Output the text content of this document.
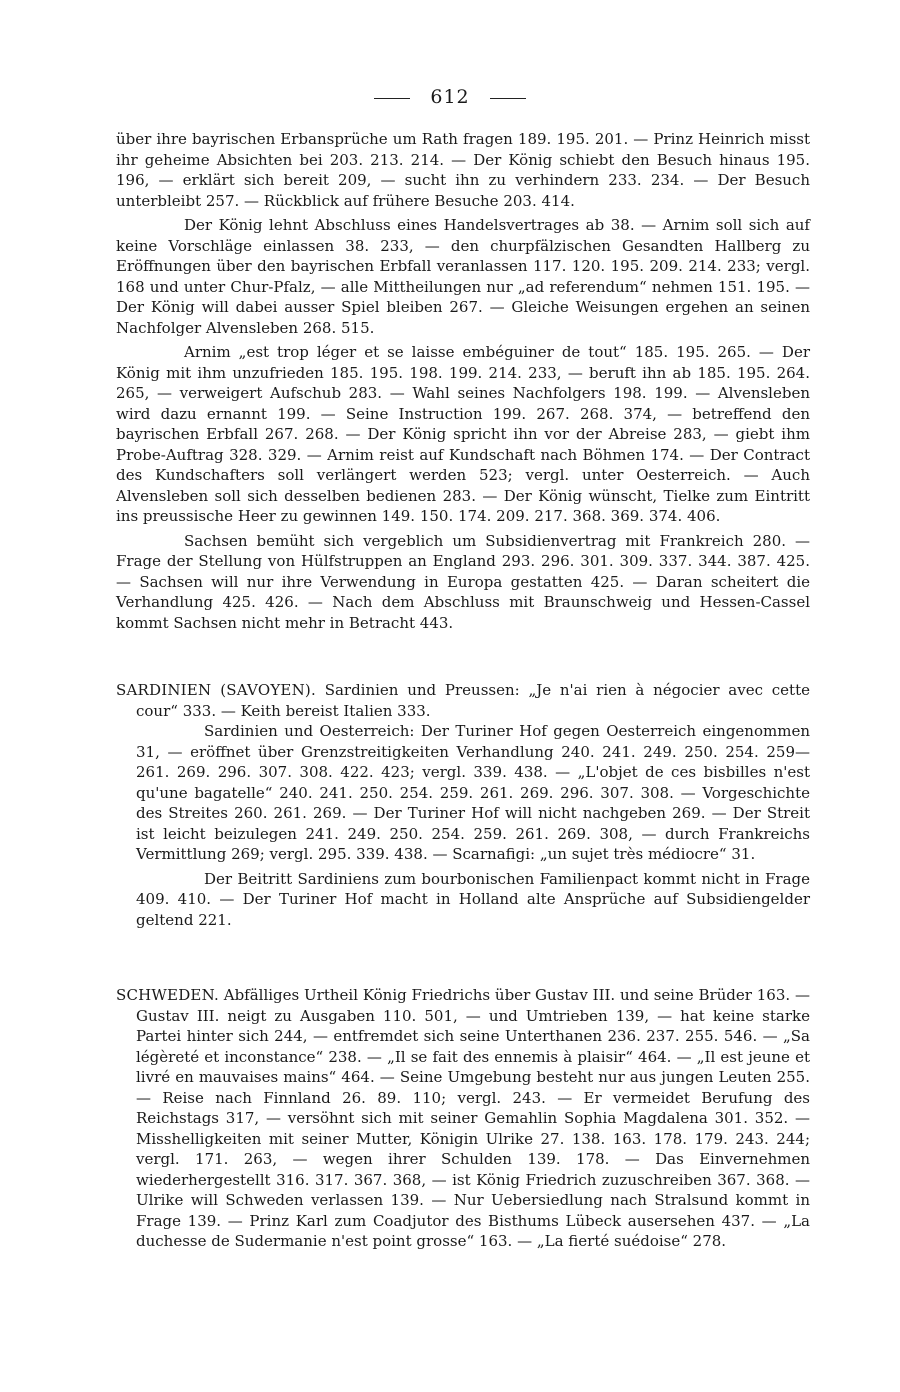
612

über ihre bayrischen Erbansprüche um Rath fragen 189. 195. 201. — Prinz Heinrich misst ihr geheime Absichten bei 203. 213. 214. — Der König schiebt den Besuch hinaus 195. 196, — erklärt sich bereit 209, — sucht ihn zu verhindern 233. 234. — Der Besuch unterbleibt 257. — Rückblick auf frühere Besuche 203. 414.

Der König lehnt Abschluss eines Handelsvertrages ab 38. — Arnim soll sich auf keine Vorschläge einlassen 38. 233, — den churpfälzischen Gesandten Hallberg zu Eröffnungen über den bayrischen Erbfall veranlassen 117. 120. 195. 209. 214. 233; vergl. 168 und unter Chur-Pfalz, — alle Mittheilungen nur „ad referendum“ nehmen 151. 195. — Der König will dabei ausser Spiel bleiben 267. — Gleiche Weisungen ergehen an seinen Nachfolger Alvensleben 268. 515.

Arnim „est trop léger et se laisse embéguiner de tout“ 185. 195. 265. — Der König mit ihm unzufrieden 185. 195. 198. 199. 214. 233, — beruft ihn ab 185. 195. 264. 265, — verweigert Aufschub 283. — Wahl seines Nachfolgers 198. 199. — Alvensleben wird dazu ernannt 199. — Seine Instruction 199. 267. 268. 374, — betreffend den bayrischen Erbfall 267. 268. — Der König spricht ihn vor der Abreise 283, — giebt ihm Probe-Auftrag 328. 329. — Arnim reist auf Kundschaft nach Böhmen 174. — Der Contract des Kundschafters soll verlängert werden 523; vergl. unter Oesterreich. — Auch Alvensleben soll sich desselben bedienen 283. — Der König wünscht, Tielke zum Eintritt ins preussische Heer zu gewinnen 149. 150. 174. 209. 217. 368. 369. 374. 406.

Sachsen bemüht sich vergeblich um Subsidienvertrag mit Frankreich 280. — Frage der Stellung von Hülfstruppen an England 293. 296. 301. 309. 337. 344. 387. 425. — Sachsen will nur ihre Verwendung in Europa gestatten 425. — Daran scheitert die Verhandlung 425. 426. — Nach dem Abschluss mit Braunschweig und Hessen-Cassel kommt Sachsen nicht mehr in Betracht 443.

SARDINIEN (SAVOYEN). Sardinien und Preussen: „Je n'ai rien à négocier avec cette cour“ 333. — Keith bereist Italien 333.

Sardinien und Oesterreich: Der Turiner Hof gegen Oesterreich eingenommen 31, — eröffnet über Grenzstreitigkeiten Verhandlung 240. 241. 249. 250. 254. 259—261. 269. 296. 307. 308. 422. 423; vergl. 339. 438. — „L'objet de ces bisbilles n'est qu'une bagatelle“ 240. 241. 250. 254. 259. 261. 269. 296. 307. 308. — Vorgeschichte des Streites 260. 261. 269. — Der Turiner Hof will nicht nachgeben 269. — Der Streit ist leicht beizulegen 241. 249. 250. 254. 259. 261. 269. 308, — durch Frankreichs Vermittlung 269; vergl. 295. 339. 438. — Scarnafigi: „un sujet très médiocre“ 31.

Der Beitritt Sardiniens zum bourbonischen Familienpact kommt nicht in Frage 409. 410. — Der Turiner Hof macht in Holland alte Ansprüche auf Subsidiengelder geltend 221.

SCHWEDEN. Abfälliges Urtheil König Friedrichs über Gustav III. und seine Brüder 163. — Gustav III. neigt zu Ausgaben 110. 501, — und Umtrieben 139, — hat keine starke Partei hinter sich 244, — entfremdet sich seine Unterthanen 236. 237. 255. 546. — „Sa légèreté et inconstance“ 238. — „Il se fait des ennemis à plaisir“ 464. — „Il est jeune et livré en mauvaises mains“ 464. — Seine Umgebung besteht nur aus jungen Leuten 255. — Reise nach Finnland 26. 89. 110; vergl. 243. — Er vermeidet Berufung des Reichstags 317, — versöhnt sich mit seiner Gemahlin Sophia Magdalena 301. 352. — Misshelligkeiten mit seiner Mutter, Königin Ulrike 27. 138. 163. 178. 179. 243. 244; vergl. 171. 263, — wegen ihrer Schulden 139. 178. — Das Einvernehmen wiederhergestellt 316. 317. 367. 368, — ist König Friedrich zuzuschreiben 367. 368. — Ulrike will Schweden verlassen 139. — Nur Uebersiedlung nach Stralsund kommt in Frage 139. — Prinz Karl zum Coadjutor des Bisthums Lübeck ausersehen 437. — „La duchesse de Sudermanie n'est point grosse“ 163. — „La fierté suédoise“ 278.
